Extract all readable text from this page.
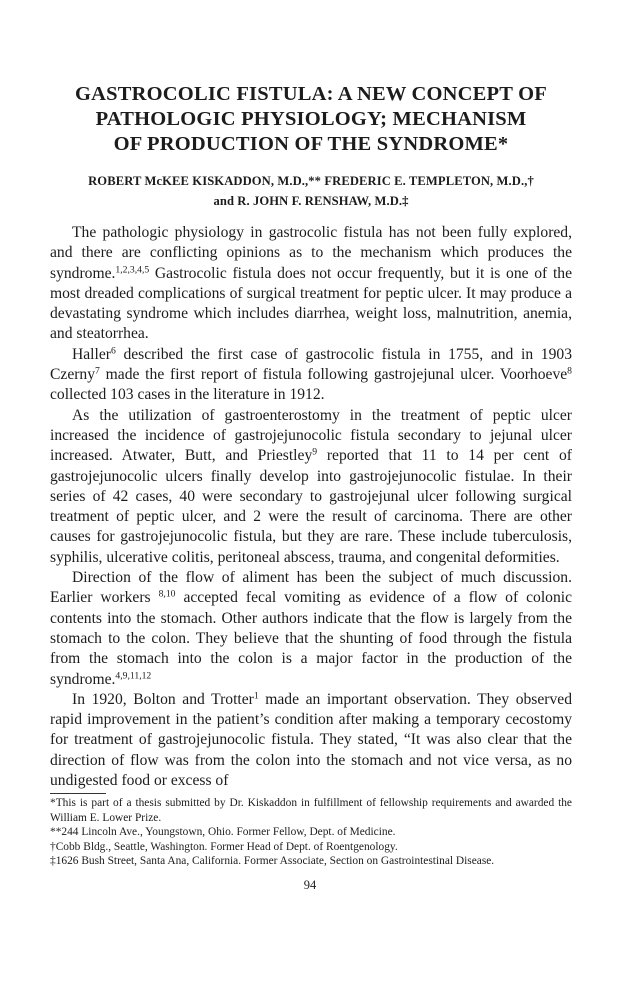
GASTROCOLIC FISTULA: A NEW CONCEPT OF
PATHOLOGIC PHYSIOLOGY; MECHANISM
OF PRODUCTION OF THE SYNDROME*
ROBERT McKEE KISKADDON, M.D.,** FREDERIC E. TEMPLETON, M.D.,†
and R. JOHN F. RENSHAW, M.D.‡

The pathologic physiology in gastrocolic fistula has not been fully explored, and there are conflicting opinions as to the mechanism which produces the syndrome.$^{1,2,3,4,5}$ Gastrocolic fistula does not occur frequently, but it is one of the most dreaded complications of surgical treatment for peptic ulcer. It may produce a devastating syndrome which includes diarrhea, weight loss, malnutrition, anemia, and steatorrhea.

Haller$^6$ described the first case of gastrocolic fistula in 1755, and in 1903 Czerny$^7$ made the first report of fistula following gastrojejunal ulcer. Voorhoeve$^8$ collected 103 cases in the literature in 1912.

As the utilization of gastroenterostomy in the treatment of peptic ulcer increased the incidence of gastrojejunocolic fistula secondary to jejunal ulcer increased. Atwater, Butt, and Priestley$^9$ reported that 11 to 14 per cent of gastrojejunocolic ulcers finally develop into gastrojejunocolic fistulae. In their series of 42 cases, 40 were secondary to gastrojejunal ulcer following surgical treatment of peptic ulcer, and 2 were the result of carcinoma. There are other causes for gastrojejunocolic fistula, but they are rare. These include tuberculosis, syphilis, ulcerative colitis, peritoneal abscess, trauma, and congenital deformities.

Direction of the flow of aliment has been the subject of much discussion. Earlier workers $^{8,10}$ accepted fecal vomiting as evidence of a flow of colonic contents into the stomach. Other authors indicate that the flow is largely from the stomach to the colon. They believe that the shunting of food through the fistula from the stomach into the colon is a major factor in the production of the syndrome.$^{4,9,11,12}$

In 1920, Bolton and Trotter$^1$ made an important observation. They observed rapid improvement in the patient’s condition after making a temporary cecostomy for treatment of gastrojejunocolic fistula. They stated, “It was also clear that the direction of flow was from the colon into the stomach and not vice versa, as no undigested food or excess of

*This is part of a thesis submitted by Dr. Kiskaddon in fulfillment of fellowship requirements and awarded the William E. Lower Prize.
**244 Lincoln Ave., Youngstown, Ohio. Former Fellow, Dept. of Medicine.
†Cobb Bldg., Seattle, Washington. Former Head of Dept. of Roentgenology.
‡1626 Bush Street, Santa Ana, California. Former Associate, Section on Gastrointestinal Disease.
94
